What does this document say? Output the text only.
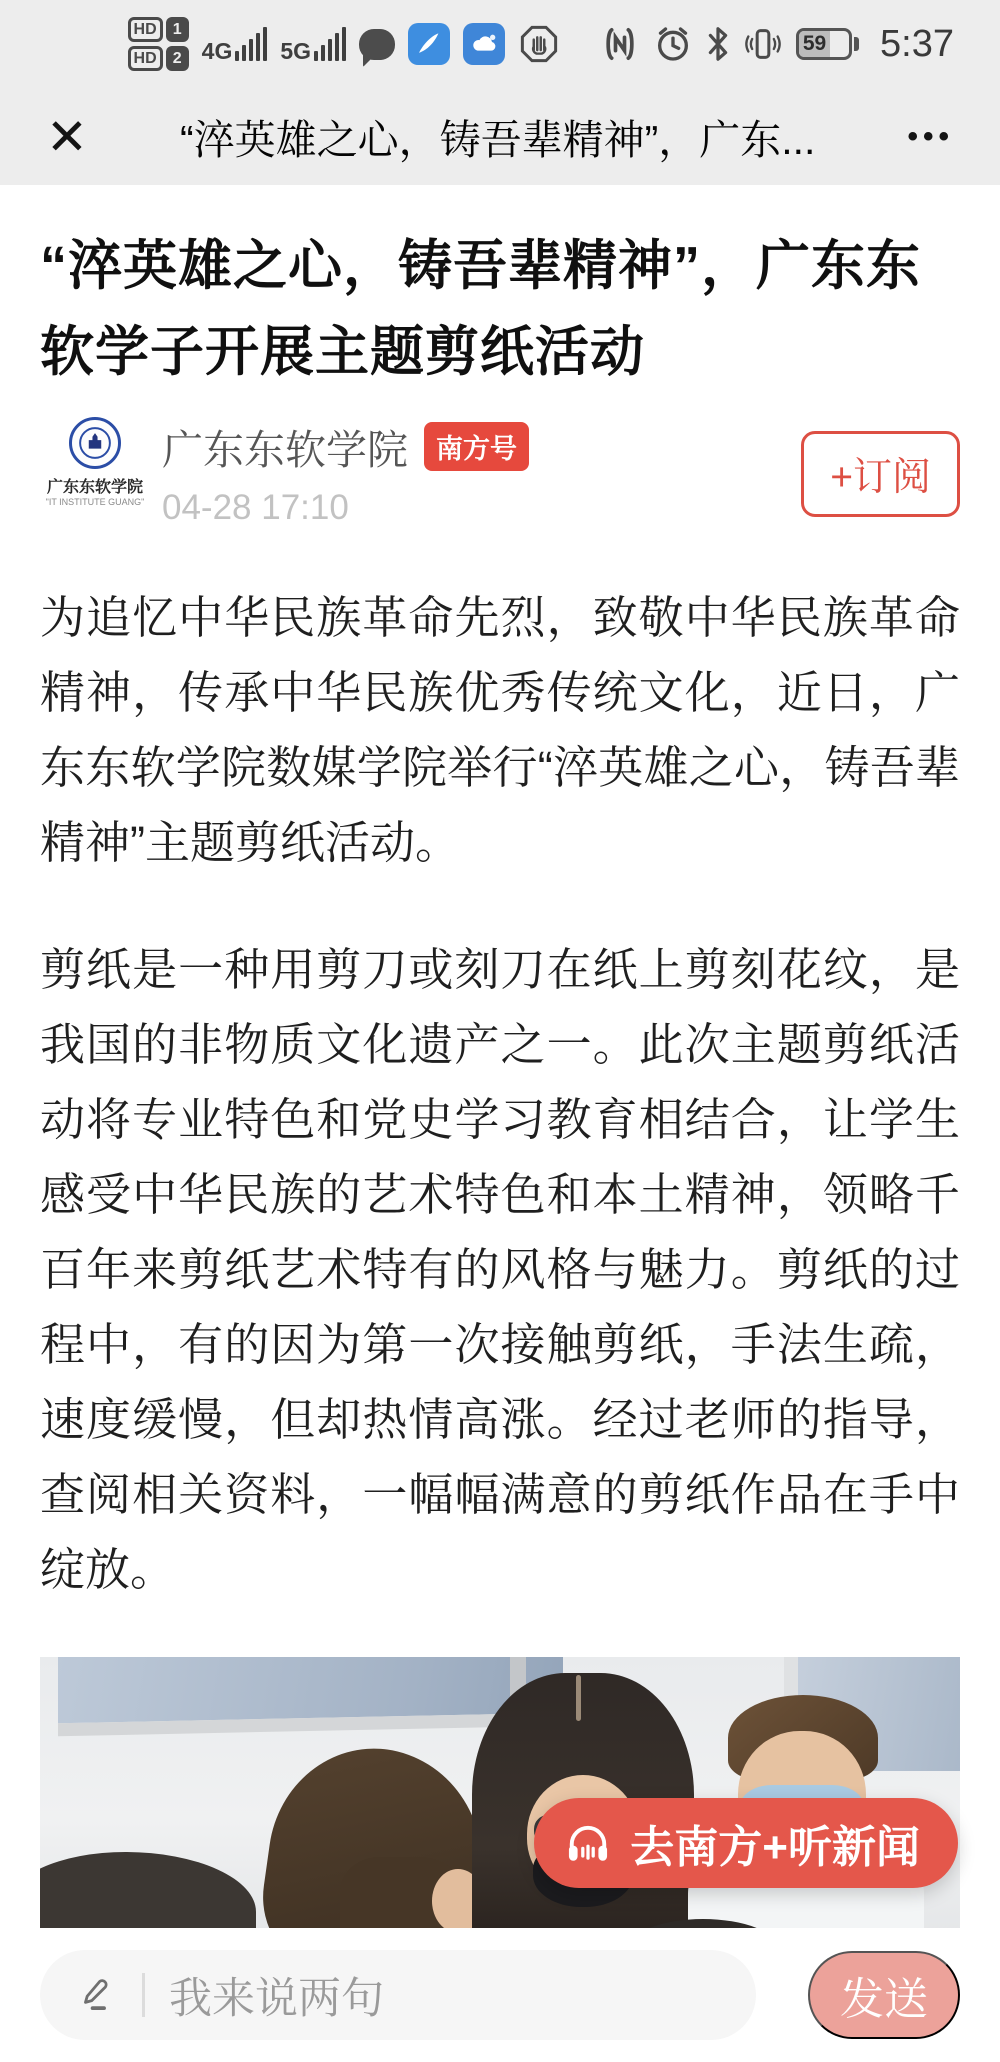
HD	1
HD	2 4G 5G	59 5:37
✕	“淬英雄之心，铸吾辈精神”，广东...	•••
“淬英雄之心，铸吾辈精神”，广东东软学子开展主题剪纸活动
广东东软学院
"IT INSTITUTE GUANG"
广东东软学院	南方号
04-28 17:10
+订阅

为追忆中华民族革命先烈，致敬中华民族革命精神，传承中华民族优秀传统文化，近日，广东东软学院数媒学院举行“淬英雄之心，铸吾辈精神”主题剪纸活动。

剪纸是一种用剪刀或刻刀在纸上剪刻花纹，是我国的非物质文化遗产之一。此次主题剪纸活动将专业特色和党史学习教育相结合，让学生感受中华民族的艺术特色和本土精神，领略千百年来剪纸艺术特有的风格与魅力。剪纸的过程中，有的因为第一次接触剪纸，手法生疏，速度缓慢，但却热情高涨。经过老师的指导，查阅相关资料，一幅幅满意的剪纸作品在手中绽放。

去南方+听新闻
我来说两句	发送
